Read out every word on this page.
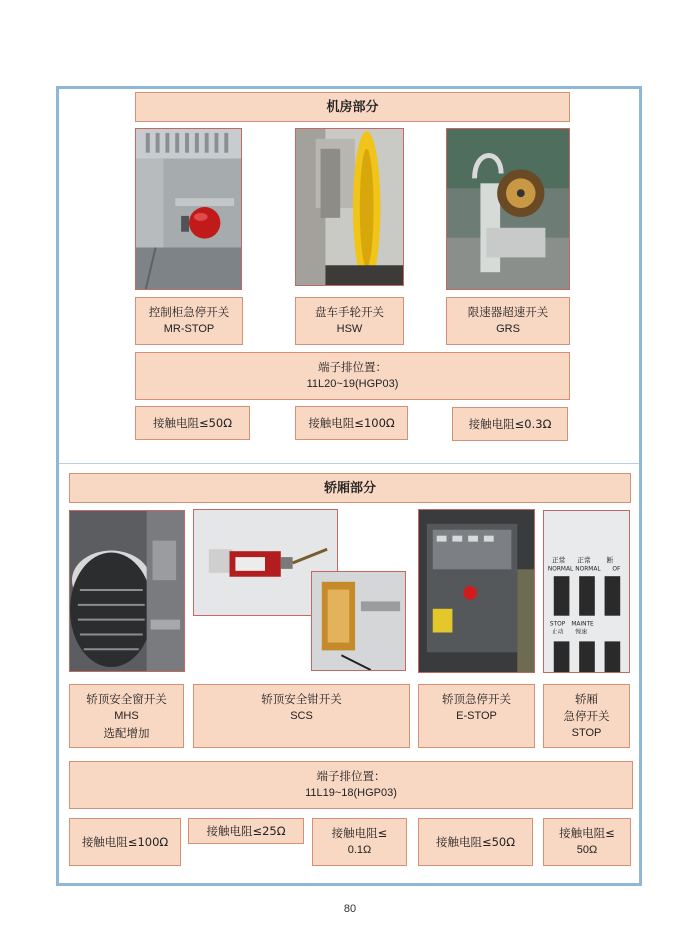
机房部分
控制柜急停开关
MR-STOP
盘车手轮开关
HSW
限速器超速开关
GRS
端子排位置：
11L20~19(HGP03)
接触电阻≤50Ω	接触电阻≤100Ω	接触电阻≤0.3Ω
轿厢部分
正常 正常 断
NORMAL NORMAL OF
STOP MAINTE
止动 慢速
轿顶安全窗开关
MHS
选配增加
轿顶安全钳开关
SCS
轿顶急停开关
E-STOP
轿厢
急停开关
STOP
端子排位置：
11L19~18(HGP03)
接触电阻≤100Ω
接触电阻≤25Ω	接触电阻≤
0.1Ω
接触电阻≤50Ω
接触电阻≤
50Ω
80
